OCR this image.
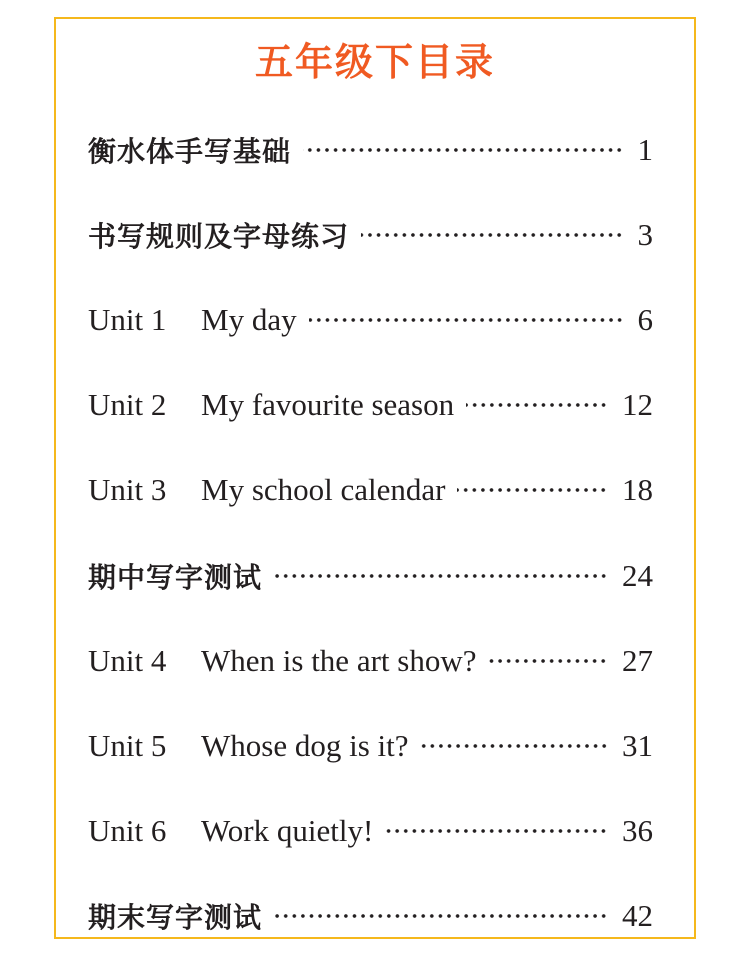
五年级下目录
衡水体手写基础	1
书写规则及字母练习	3
Unit 1	My day	6
Unit 2	My favourite season	12
Unit 3	My school calendar	18
期中写字测试	24
Unit 4	When is the art show?	27
Unit 5	Whose dog is it?	31
Unit 6	Work quietly!	36
期末写字测试	42
